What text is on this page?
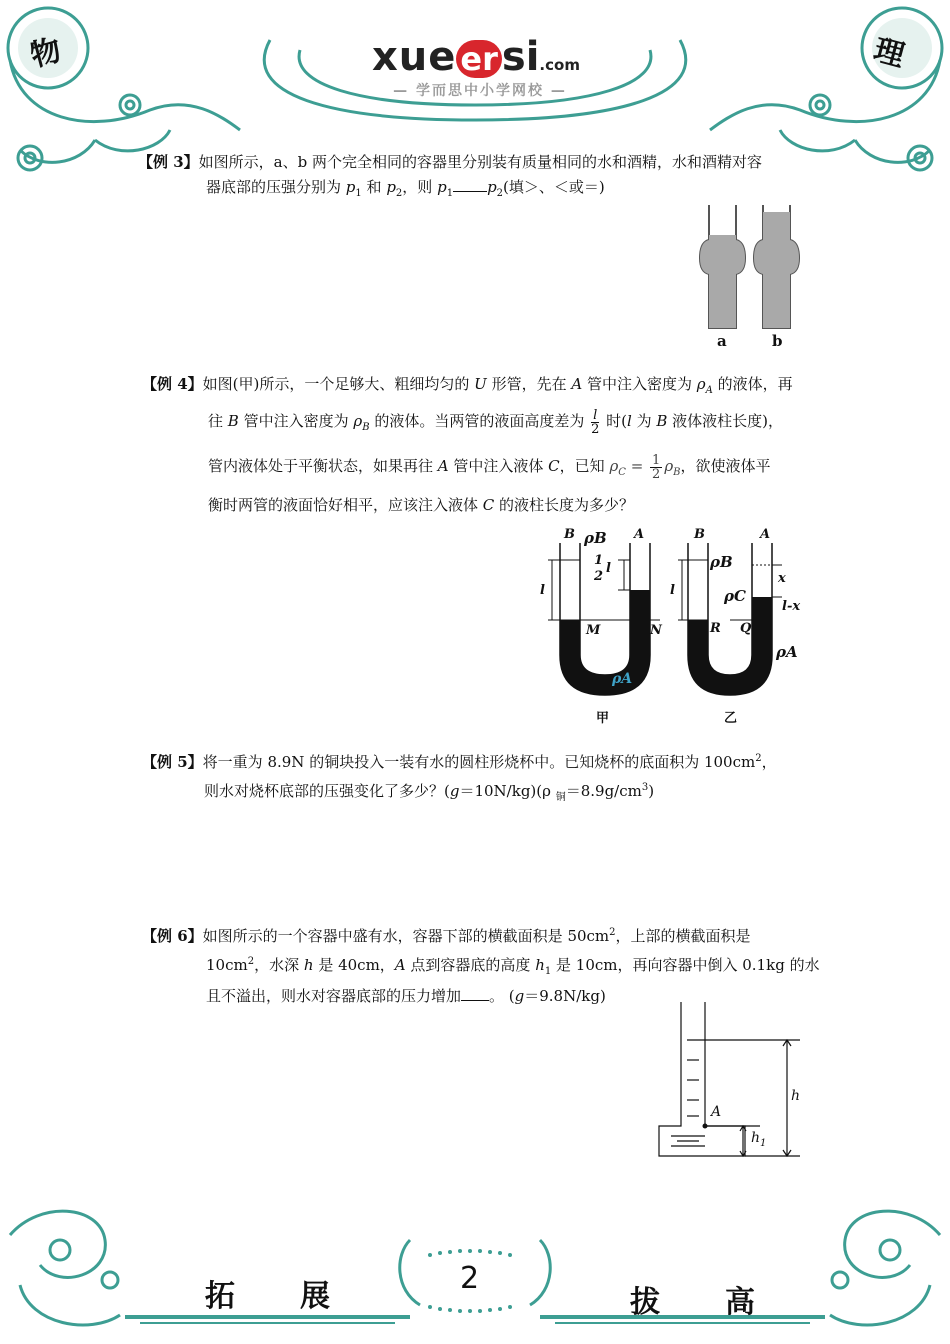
物	理
xue er si.com
— 学而思中小学网校 —
【例 3】如图所示，a、b 两个完全相同的容器里分别装有质量相同的水和酒精，水和酒精对容
器底部的压强分别为 $p_1$ 和 $p_2$，则 $p_1$ $p_2$(填＞、＜或＝)
a	b
【例 4】如图(甲)所示，一个足够大、粗细均匀的 U 形管，先在 A 管中注入密度为 $\rho_A$ 的液体，再
往 B 管中注入密度为 $\rho_B$ 的液体。当两管的液面高度差为 $\frac{l}{2}$ 时(l 为 B 液体液柱长度)，
管内液体处于平衡状态，如果再往 A 管中注入液体 C，已知 $\rho_C = \frac{1}{2} \rho_B$，欲使液体平
衡时两管的液面恰好相平，应该注入液体 C 的液柱长度为多少？
B ρB A
l
1
2
l
M	N
ρA
B
ρB
A
l	ρC
x
l-x
R Q
ρA
甲	乙
【例 5】将一重为 8.9N 的铜块投入一装有水的圆柱形烧杯中。已知烧杯的底面积为 $100cm^2$，
则水对烧杯底部的压强变化了多少？(g＝10N/kg)(ρ $_铜=8.9g/cm^3$)
【例 6】如图所示的一个容器中盛有水，容器下部的横截面积是 $50cm^2$，上部的横截面积是
$10cm^2$，水深 h 是 40cm，A 点到容器底的高度 $h_1$ 是 10cm，再向容器中倒入 0.1kg 的水
且不溢出，则水对容器底部的压力增加 。 (g＝9.8N/kg)
A
h
$h_1$
拓 展	拔 高
2
